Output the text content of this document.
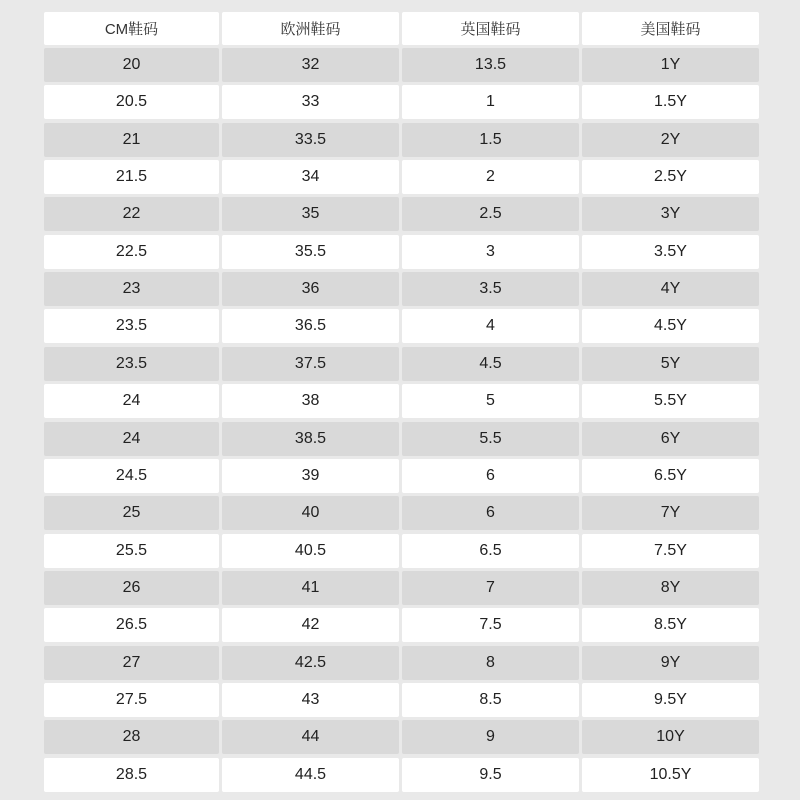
CM鞋码	欧洲鞋码	英国鞋码	美国鞋码
20	32	13.5	1Y
20.5	33	1	1.5Y
21	33.5	1.5	2Y
21.5	34	2	2.5Y
22	35	2.5	3Y
22.5	35.5	3	3.5Y
23	36	3.5	4Y
23.5	36.5	4	4.5Y
23.5	37.5	4.5	5Y
24	38	5	5.5Y
24	38.5	5.5	6Y
24.5	39	6	6.5Y
25	40	6	7Y
25.5	40.5	6.5	7.5Y
26	41	7	8Y
26.5	42	7.5	8.5Y
27	42.5	8	9Y
27.5	43	8.5	9.5Y
28	44	9	10Y
28.5	44.5	9.5	10.5Y
